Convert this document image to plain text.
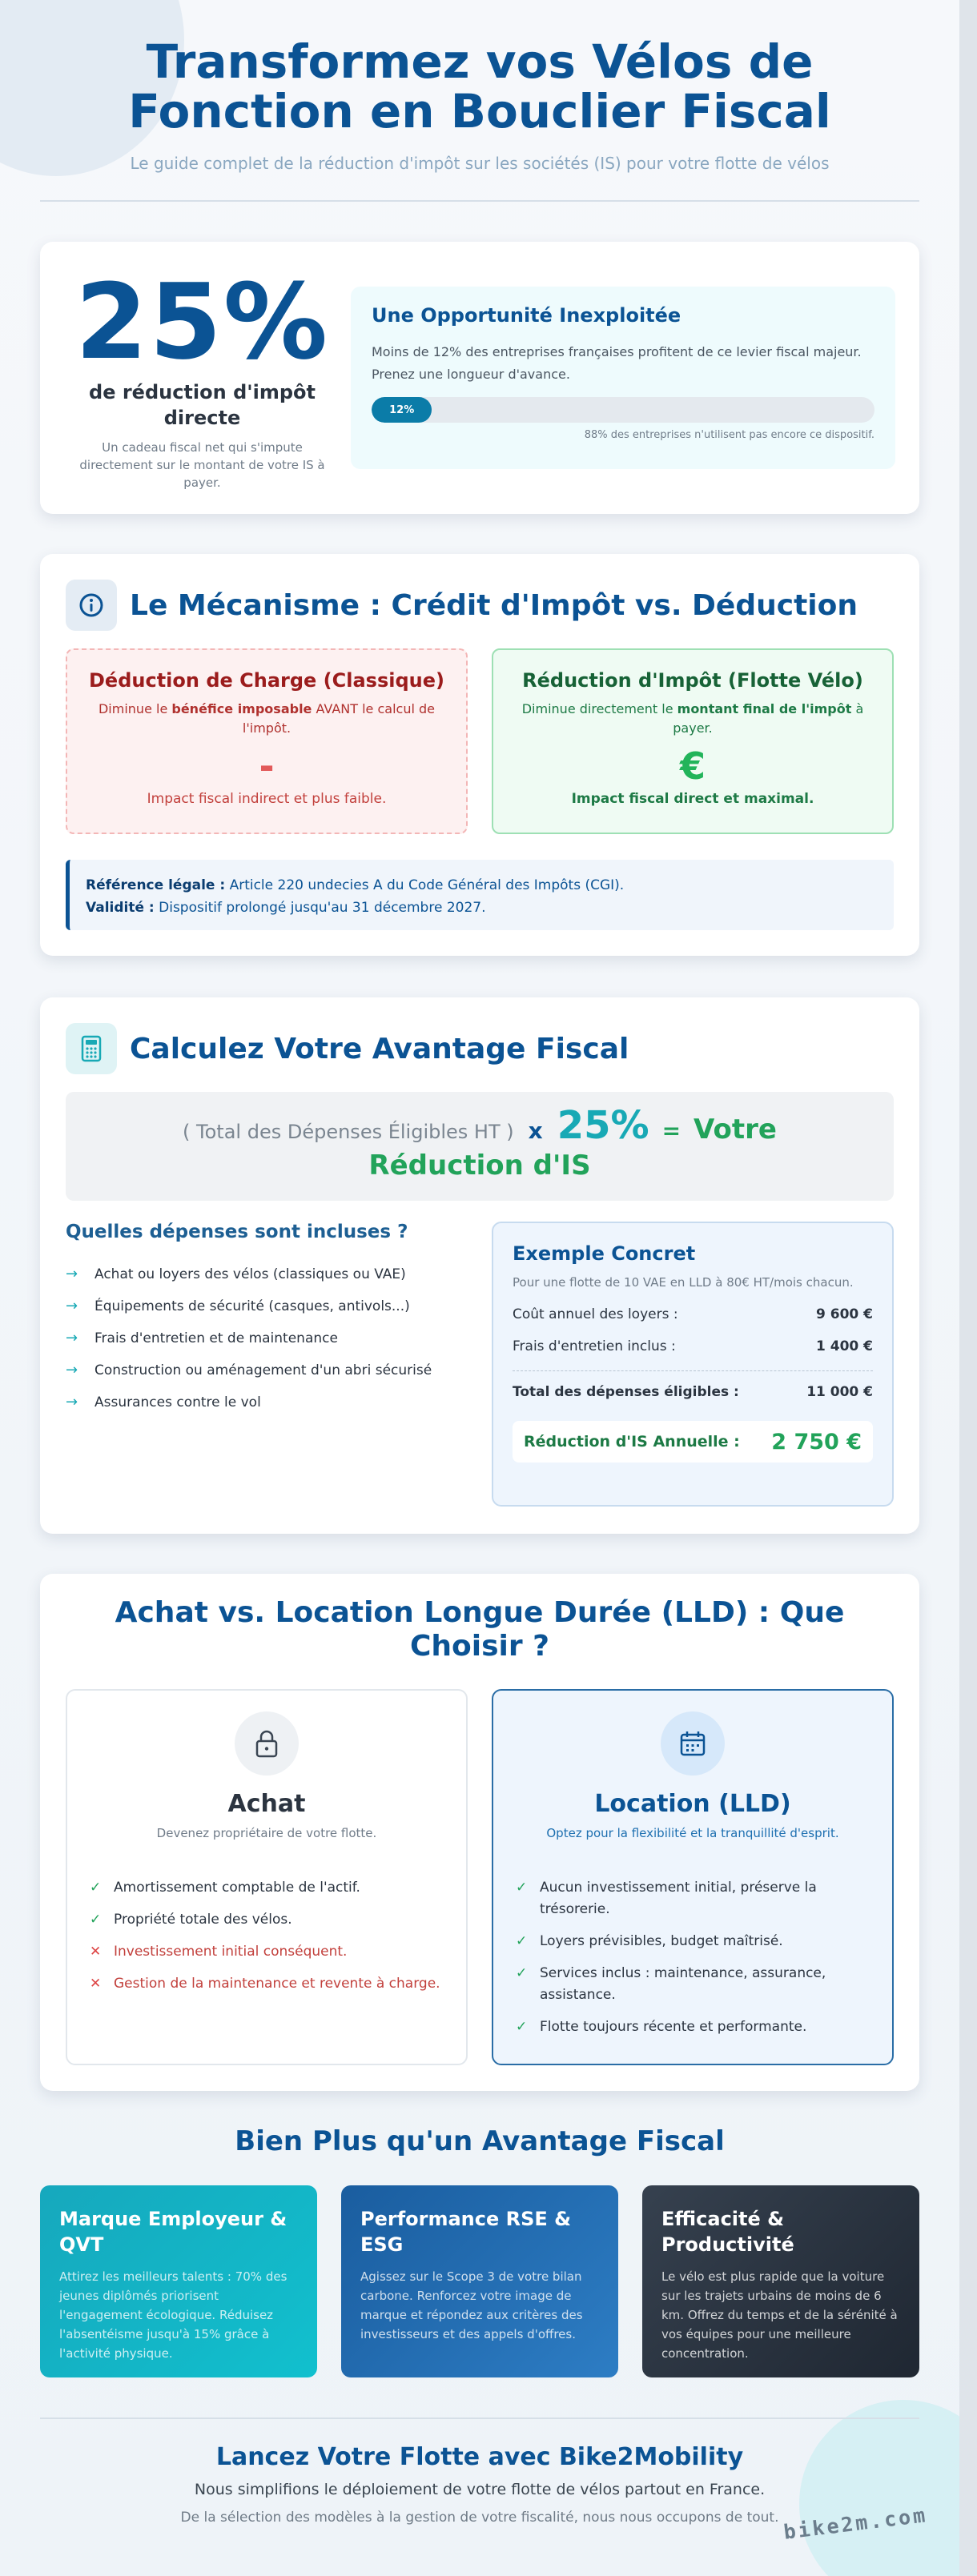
Transformez vos Vélos de Fonction en Bouclier Fiscal

Le guide complet de la réduction d'impôt sur les sociétés (IS) pour votre flotte de vélos

25%
de réduction d'impôt directe
Un cadeau fiscal net qui s'impute directement sur le montant de votre IS à payer.
Une Opportunité Inexploitée

Moins de 12% des entreprises françaises profitent de ce levier fiscal majeur. Prenez une longueur d'avance.

12%
88% des entreprises n'utilisent pas encore ce dispositif.
Le Mécanisme : Crédit d'Impôt vs. Déduction
Déduction de Charge (Classique)
Diminue le bénéfice imposable AVANT le calcul de l'impôt.
-
Impact fiscal indirect et plus faible.
Réduction d'Impôt (Flotte Vélo)
Diminue directement le montant final de l'impôt à payer.
€
Impact fiscal direct et maximal.
Référence légale : Article 220 undecies A du Code Général des Impôts (CGI).
Validité : Dispositif prolongé jusqu'au 31 décembre 2027.
Calculez Votre Avantage Fiscal
( Total des Dépenses Éligibles HT ) x 25% = Votre
Réduction d'IS
Quelles dépenses sont incluses ?
→	Achat ou loyers des vélos (classiques ou VAE)
→	Équipements de sécurité (casques, antivols...)
→	Frais d'entretien et de maintenance
→	Construction ou aménagement d'un abri sécurisé
→	Assurances contre le vol
Exemple Concret
Pour une flotte de 10 VAE en LLD à 80€ HT/mois chacun.
Coût annuel des loyers :	9 600 €
Frais d'entretien inclus :	1 400 €
Total des dépenses éligibles :	11 000 €
Réduction d'IS Annuelle : 2 750 €
Achat vs. Location Longue Durée (LLD) : Que Choisir ?
Achat
Devenez propriétaire de votre flotte.
✓ Amortissement comptable de l'actif.
✓ Propriété totale des vélos.
✕ Investissement initial conséquent.
✕ Gestion de la maintenance et revente à charge.
Location (LLD)
Optez pour la flexibilité et la tranquillité d'esprit.
✓ Aucun investissement initial, préserve la trésorerie.
✓ Loyers prévisibles, budget maîtrisé.
✓ Services inclus : maintenance, assurance, assistance.
✓ Flotte toujours récente et performante.
Bien Plus qu'un Avantage Fiscal
Marque Employeur & QVT

Attirez les meilleurs talents : 70% des jeunes diplômés priorisent l'engagement écologique. Réduisez l'absentéisme jusqu'à 15% grâce à l'activité physique.

Performance RSE & ESG

Agissez sur le Scope 3 de votre bilan carbone. Renforcez votre image de marque et répondez aux critères des investisseurs et des appels d'offres.

Efficacité & Productivité

Le vélo est plus rapide que la voiture sur les trajets urbains de moins de 6 km. Offrez du temps et de la sérénité à vos équipes pour une meilleure concentration.

Lancez Votre Flotte avec Bike2Mobility
Nous simplifions le déploiement de votre flotte de vélos partout en France.
De la sélection des modèles à la gestion de votre fiscalité, nous nous occupons de tout. bike2m.com
